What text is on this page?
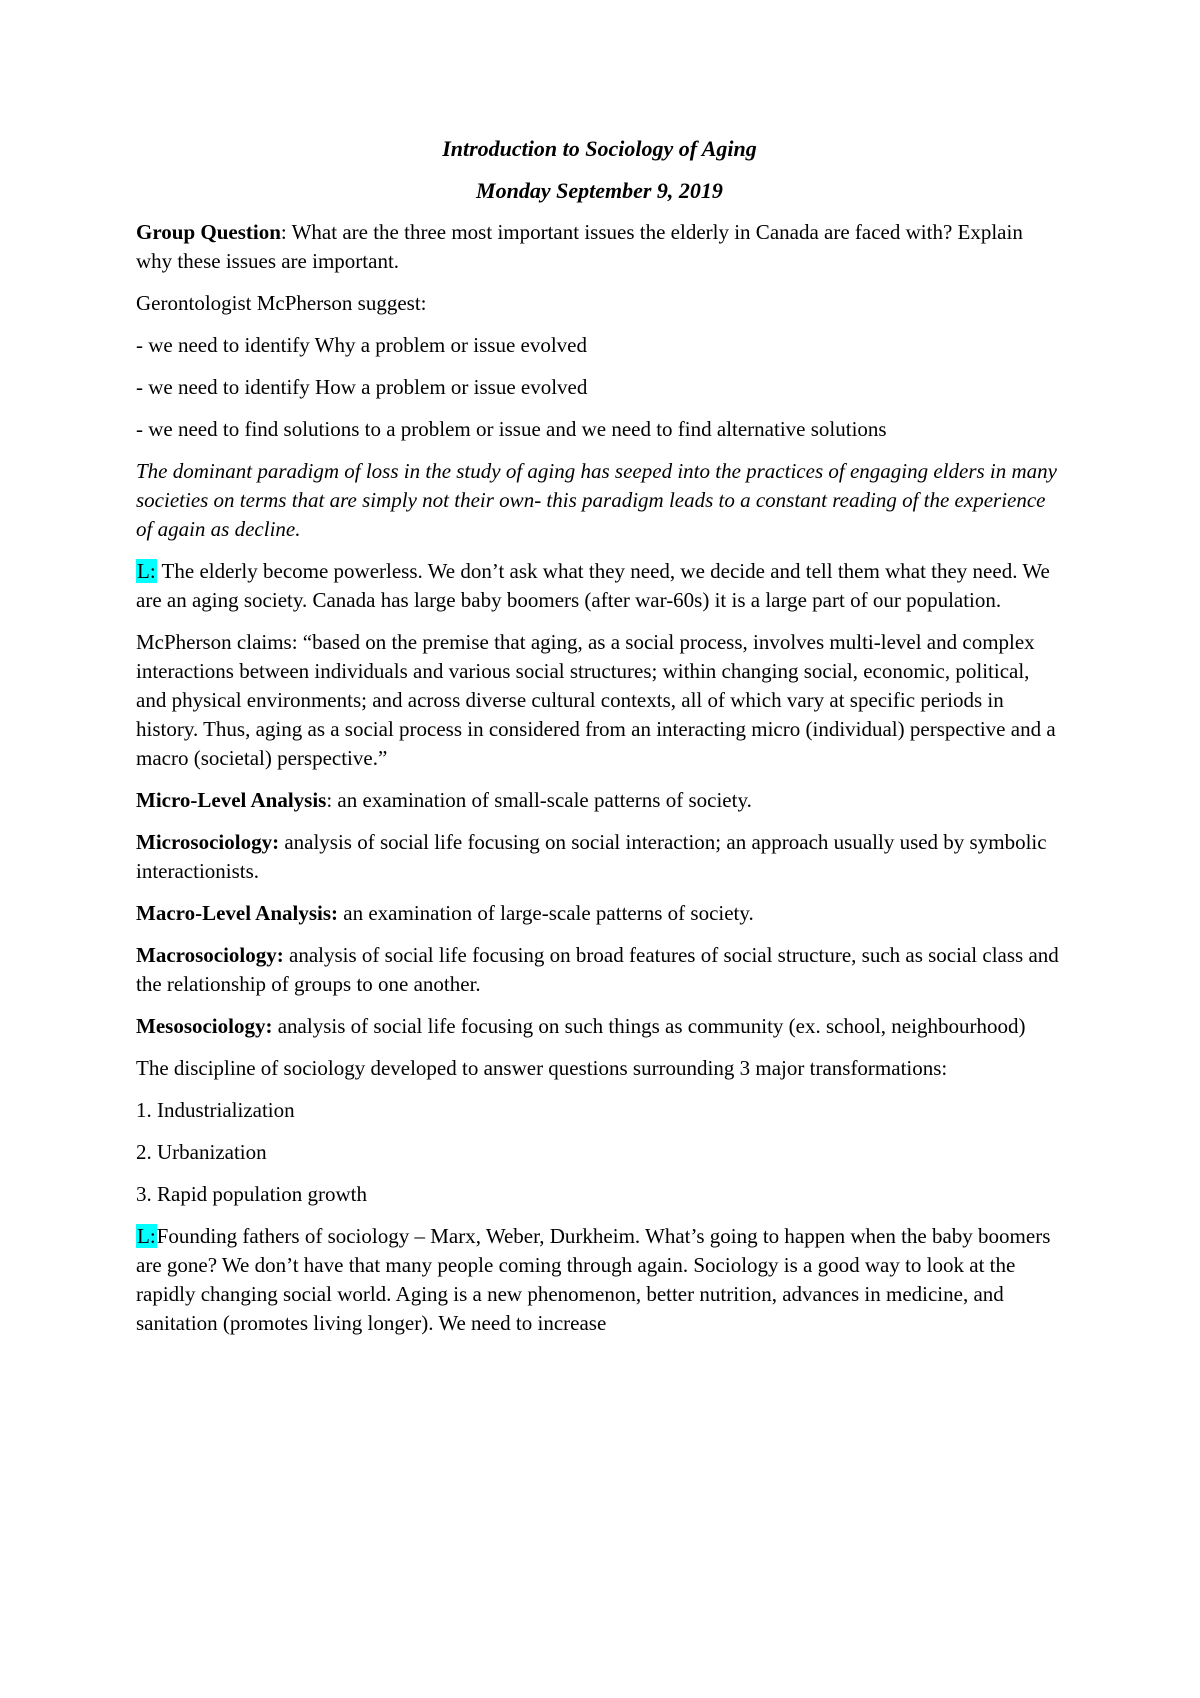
Introduction to Sociology of Aging
Monday September 9, 2019

Group Question: What are the three most important issues the elderly in Canada are faced with? Explain why these issues are important.

Gerontologist McPherson suggest:

- we need to identify Why a problem or issue evolved

- we need to identify How a problem or issue evolved

- we need to find solutions to a problem or issue and we need to find alternative solutions

The dominant paradigm of loss in the study of aging has seeped into the practices of engaging elders in many societies on terms that are simply not their own- this paradigm leads to a constant reading of the experience of again as decline.

L: The elderly become powerless. We don’t ask what they need, we decide and tell them what they need. We are an aging society. Canada has large baby boomers (after war-60s) it is a large part of our population.

McPherson claims: “based on the premise that aging, as a social process, involves multi-level and complex interactions between individuals and various social structures; within changing social, economic, political, and physical environments; and across diverse cultural contexts, all of which vary at specific periods in history. Thus, aging as a social process in considered from an interacting micro (individual) perspective and a macro (societal) perspective.”

Micro-Level Analysis: an examination of small-scale patterns of society.

Microsociology: analysis of social life focusing on social interaction; an approach usually used by symbolic interactionists.

Macro-Level Analysis: an examination of large-scale patterns of society.

Macrosociology: analysis of social life focusing on broad features of social structure, such as social class and the relationship of groups to one another.

Mesosociology: analysis of social life focusing on such things as community (ex. school, neighbourhood)

The discipline of sociology developed to answer questions surrounding 3 major transformations:

1. Industrialization

2. Urbanization

3. Rapid population growth

L:Founding fathers of sociology – Marx, Weber, Durkheim. What’s going to happen when the baby boomers are gone? We don’t have that many people coming through again. Sociology is a good way to look at the rapidly changing social world. Aging is a new phenomenon, better nutrition, advances in medicine, and sanitation (promotes living longer). We need to increase
